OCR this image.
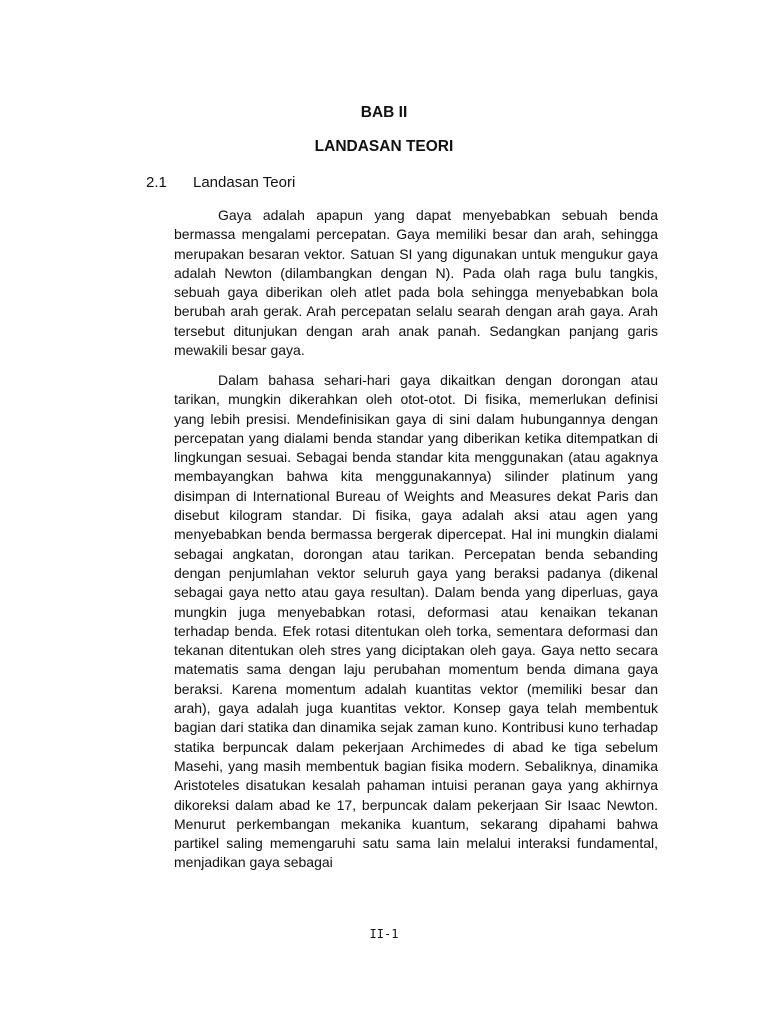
BAB II
LANDASAN TEORI
2.1 Landasan Teori

Gaya adalah apapun yang dapat menyebabkan sebuah benda bermassa mengalami percepatan. Gaya memiliki besar dan arah, sehingga merupakan besaran vektor. Satuan SI yang digunakan untuk mengukur gaya adalah Newton (dilambangkan dengan N). Pada olah raga bulu tangkis, sebuah gaya diberikan oleh atlet pada bola sehingga menyebabkan bola berubah arah gerak. Arah percepatan selalu searah dengan arah gaya. Arah tersebut ditunjukan dengan arah anak panah. Sedangkan panjang garis mewakili besar gaya.

Dalam bahasa sehari-hari gaya dikaitkan dengan dorongan atau tarikan, mungkin dikerahkan oleh otot-otot. Di fisika, memerlukan definisi yang lebih presisi. Mendefinisikan gaya di sini dalam hubungannya dengan percepatan yang dialami benda standar yang diberikan ketika ditempatkan di lingkungan sesuai. Sebagai benda standar kita menggunakan (atau agaknya membayangkan bahwa kita menggunakannya) silinder platinum yang disimpan di International Bureau of Weights and Measures dekat Paris dan disebut kilogram standar. Di fisika, gaya adalah aksi atau agen yang menyebabkan benda bermassa bergerak dipercepat. Hal ini mungkin dialami sebagai angkatan, dorongan atau tarikan. Percepatan benda sebanding dengan penjumlahan vektor seluruh gaya yang beraksi padanya (dikenal sebagai gaya netto atau gaya resultan). Dalam benda yang diperluas, gaya mungkin juga menyebabkan rotasi, deformasi atau kenaikan tekanan terhadap benda. Efek rotasi ditentukan oleh torka, sementara deformasi dan tekanan ditentukan oleh stres yang diciptakan oleh gaya. Gaya netto secara matematis sama dengan laju perubahan momentum benda dimana gaya beraksi. Karena momentum adalah kuantitas vektor (memiliki besar dan arah), gaya adalah juga kuantitas vektor. Konsep gaya telah membentuk bagian dari statika dan dinamika sejak zaman kuno. Kontribusi kuno terhadap statika berpuncak dalam pekerjaan Archimedes di abad ke tiga sebelum Masehi, yang masih membentuk bagian fisika modern. Sebaliknya, dinamika Aristoteles disatukan kesalah pahaman intuisi peranan gaya yang akhirnya dikoreksi dalam abad ke 17, berpuncak dalam pekerjaan Sir Isaac Newton. Menurut perkembangan mekanika kuantum, sekarang dipahami bahwa partikel saling memengaruhi satu sama lain melalui interaksi fundamental, menjadikan gaya sebagai

II-1
